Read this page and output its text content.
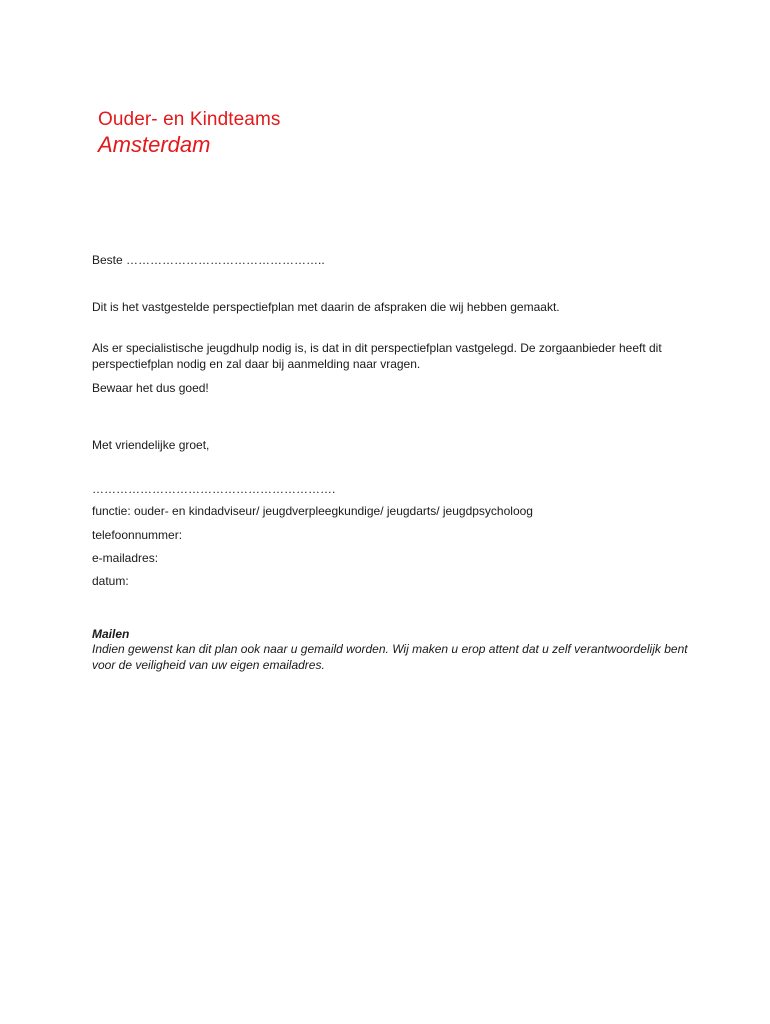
Ouder- en Kindteams
Amsterdam
Beste …………………………………………..
Dit is het vastgestelde perspectiefplan met daarin de afspraken die wij hebben gemaakt.
Als er specialistische jeugdhulp nodig is, is dat in dit perspectiefplan vastgelegd. De zorgaanbieder heeft dit perspectiefplan nodig en zal daar bij aanmelding naar vragen.
Bewaar het dus goed!
Met vriendelijke groet,
…………………………………………………….
functie: ouder- en kindadviseur/ jeugdverpleegkundige/ jeugdarts/ jeugdpsycholoog
telefoonnummer:
e-mailadres:
datum:
Mailen
Indien gewenst kan dit plan ook naar u gemaild worden. Wij maken u erop attent dat u zelf verantwoordelijk bent voor de veiligheid van uw eigen emailadres.
